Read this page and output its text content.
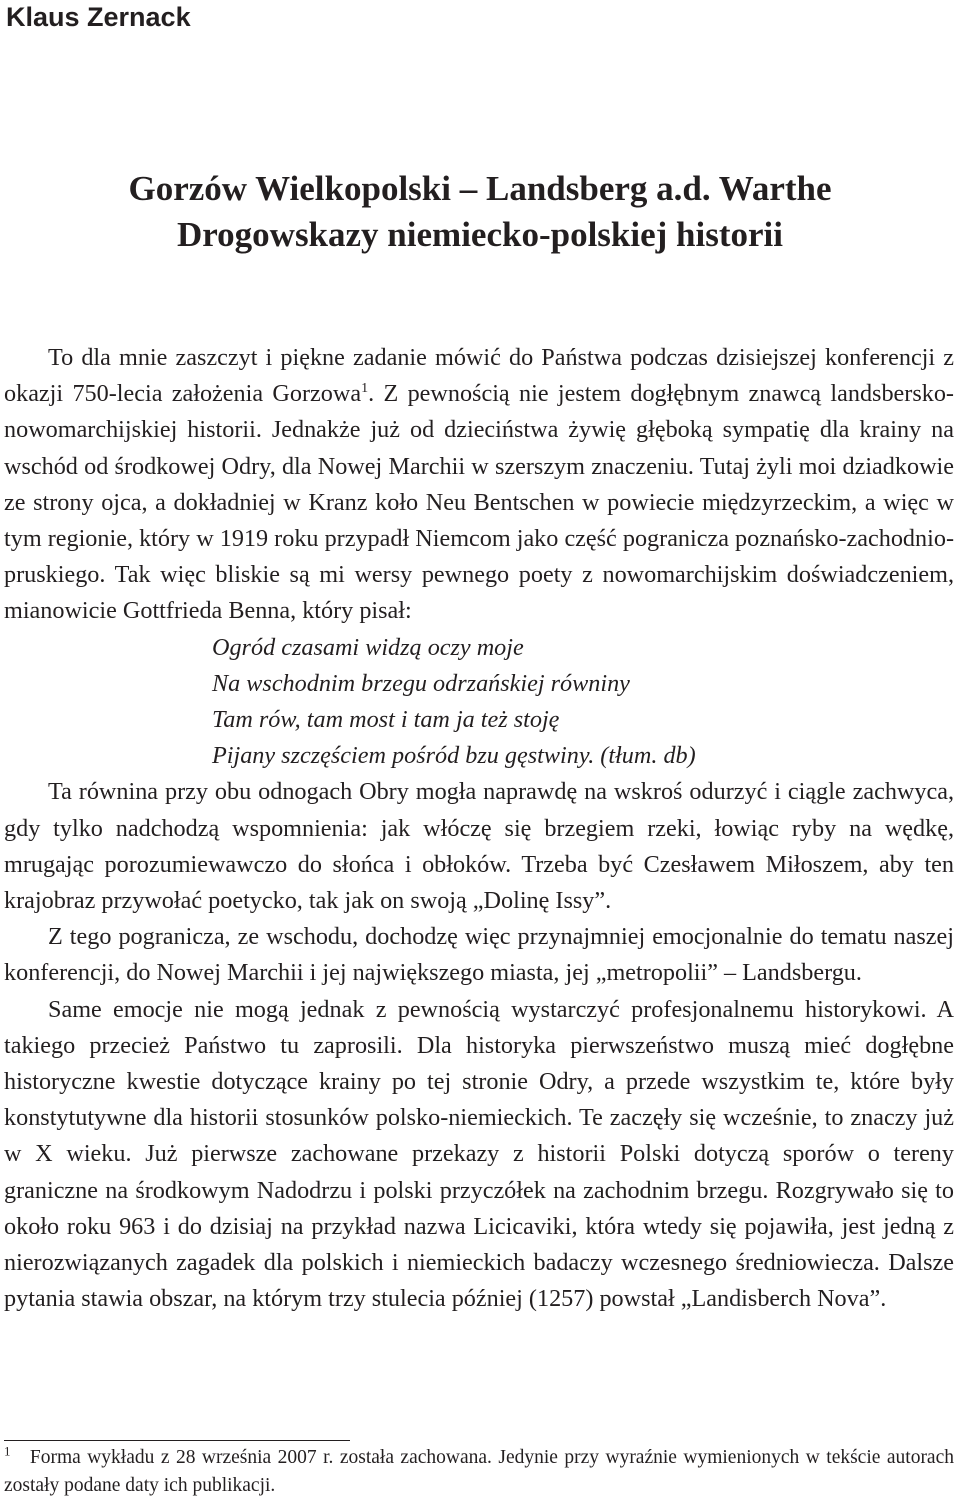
Klaus Zernack
Gorzów Wielkopolski – Landsberg a.d. Warthe
Drogowskazy niemiecko-polskiej historii

To dla mnie zaszczyt i piękne zadanie mówić do Państwa podczas dzisiejszej konferencji z okazji 750-lecia założenia Gorzowa$^1$. Z pewnością nie jestem dogłębnym znawcą landsbersko-nowomarchijskiej historii. Jednakże już od dzieciństwa żywię głęboką sympatię dla krainy na wschód od środkowej Odry, dla Nowej Marchii w szerszym znaczeniu. Tutaj żyli moi dziadkowie ze strony ojca, a dokładniej w Kranz koło Neu Bentschen w powiecie międzyrzeckim, a więc w tym regionie, który w 1919 roku przypadł Niemcom jako część pogranicza poznańsko-zachodniopruskiego. Tak więc bliskie są mi wersy pewnego poety z nowomarchijskim doświadczeniem, mianowicie Gottfrieda Benna, który pisał:

Ogród czasami widzą oczy moje
Na wschodnim brzegu odrzańskiej równiny
Tam rów, tam most i tam ja też stoję
Pijany szczęściem pośród bzu gęstwiny. (tłum. db)

Ta równina przy obu odnogach Obry mogła naprawdę na wskroś odurzyć i ciągle zachwyca, gdy tylko nadchodzą wspomnienia: jak włóczę się brzegiem rzeki, łowiąc ryby na wędkę, mrugając porozumiewawczo do słońca i obłoków. Trzeba być Czesławem Miłoszem, aby ten krajobraz przywołać poetycko, tak jak on swoją „Dolinę Issy”.

Z tego pogranicza, ze wschodu, dochodzę więc przynajmniej emocjonalnie do tematu naszej konferencji, do Nowej Marchii i jej największego miasta, jej „metropolii” – Landsbergu.

Same emocje nie mogą jednak z pewnością wystarczyć profesjonalnemu historykowi. A takiego przecież Państwo tu zaprosili. Dla historyka pierwszeństwo muszą mieć dogłębne historyczne kwestie dotyczące krainy po tej stronie Odry, a przede wszystkim te, które były konstytutywne dla historii stosunków polsko-niemieckich. Te zaczęły się wcześnie, to znaczy już w X wieku. Już pierwsze zachowane przekazy z historii Polski dotyczą sporów o tereny graniczne na środkowym Nadodrzu i polski przyczółek na zachodnim brzegu. Rozgrywało się to około roku 963 i do dzisiaj na przykład nazwa Licicaviki, która wtedy się pojawiła, jest jedną z nierozwiązanych zagadek dla polskich i niemieckich badaczy wczesnego średniowiecza. Dalsze pytania stawia obszar, na którym trzy stulecia później (1257) powstał „Landisberch Nova”.

$^1$ Forma wykładu z 28 września 2007 r. została zachowana. Jedynie przy wyraźnie wymienionych w tekście autorach zostały podane daty ich publikacji.
